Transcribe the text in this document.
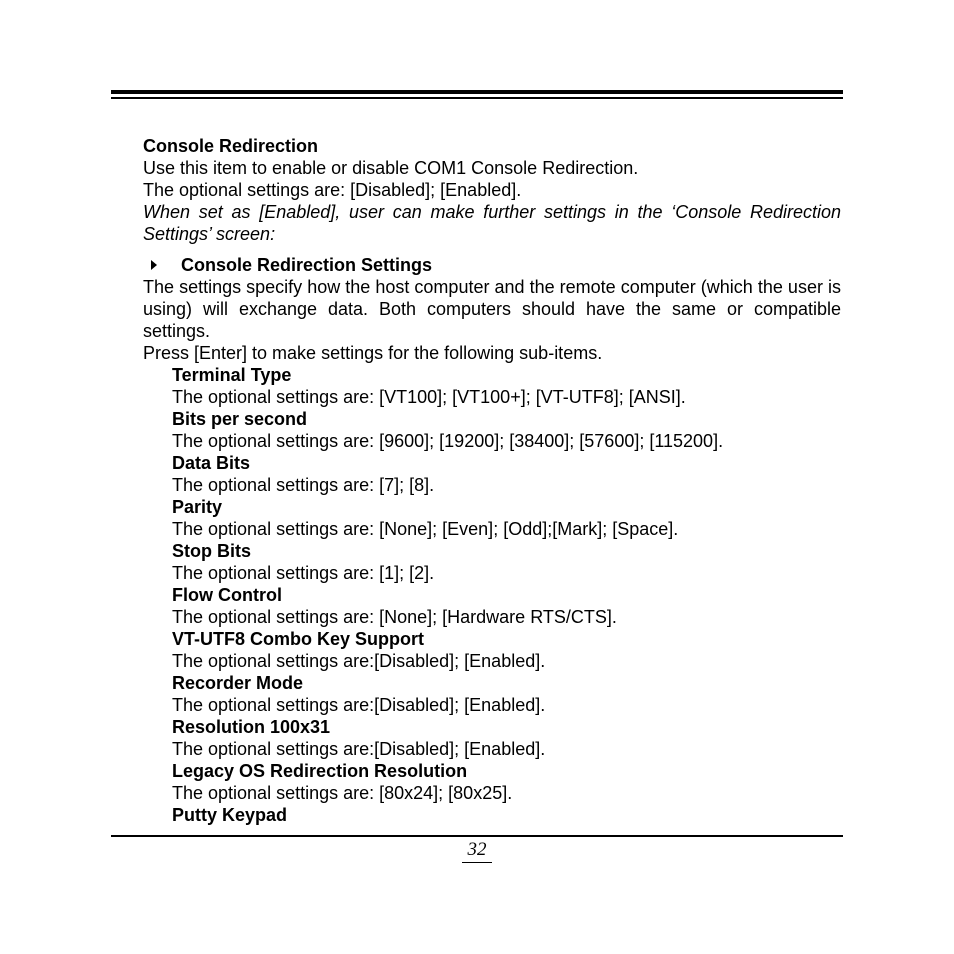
Console Redirection
Use this item to enable or disable COM1 Console Redirection.
The optional settings are: [Disabled]; [Enabled].
When set as [Enabled], user can make further settings in the ‘Console Redirection Settings’ screen:
Console Redirection Settings
The settings specify how the host computer and the remote computer (which the user is using) will exchange data. Both computers should have the same or compatible settings.
Press [Enter] to make settings for the following sub-items.
Terminal Type
The optional settings are: [VT100]; [VT100+]; [VT-UTF8]; [ANSI].
Bits per second
The optional settings are: [9600]; [19200]; [38400]; [57600]; [115200].
Data Bits
The optional settings are: [7]; [8].
Parity
The optional settings are: [None]; [Even]; [Odd];[Mark]; [Space].
Stop Bits
The optional settings are: [1]; [2].
Flow Control
The optional settings are: [None]; [Hardware RTS/CTS].
VT-UTF8 Combo Key Support
The optional settings are:[Disabled]; [Enabled].
Recorder Mode
The optional settings are:[Disabled]; [Enabled].
Resolution 100x31
The optional settings are:[Disabled]; [Enabled].
Legacy OS Redirection Resolution
The optional settings are: [80x24]; [80x25].
Putty Keypad
32
